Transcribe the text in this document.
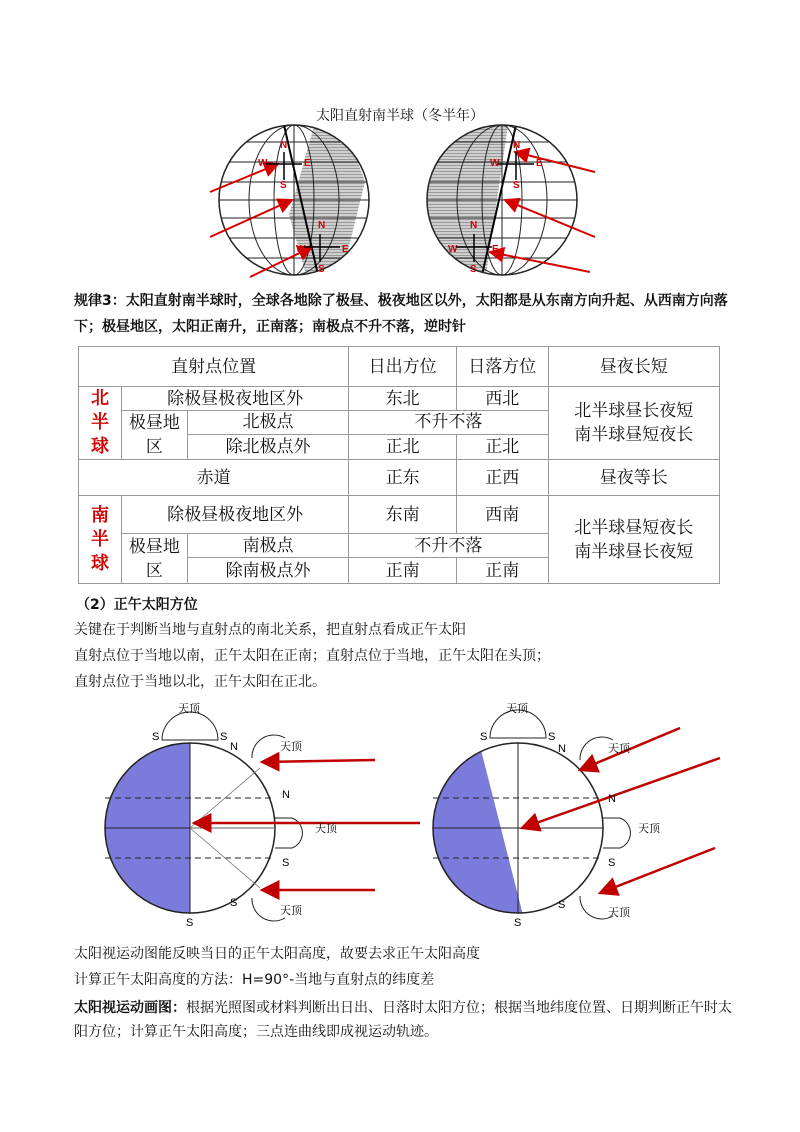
太阳直射南半球（冬半年）
N
W	E
S
N
W	E
S
N
W	E
S
N
W	E
S
规律3：太阳直射南半球时，全球各地除了极昼、极夜地区以外，太阳都是从东南方向升起、从西南方向落下；极昼地区，太阳正南升，正南落；南极点不升不落，逆时针
直射点位置			日出方位	日落方位	昼夜长短

北半球	除极昼极夜地区外		东北	西北	北半球昼长夜短
南半球昼短夜长

	极昼地区	北极点	不升不落		
		除北极点外	正北	正北	
赤道			正东	正西	昼夜等长

南半球	除极昼极夜地区外		东南	西南	北半球昼短夜长
南半球昼长夜短

	极昼地区	南极点	不升不落		
		除南极点外	正南	正南	
（2）正午太阳方位
关键在于判断当地与直射点的南北关系，把直射点看成正午太阳
直射点位于当地以南，正午太阳在正南；直射点位于当地，正午太阳在头顶；
直射点位于当地以北，正午太阳在正北。
天顶
S	S
N	天顶
N
天顶
S
S
天顶
S
天顶
S	S
N	天顶
N
天顶
S
S
天顶
S
太阳视运动图能反映当日的正午太阳高度，故要去求正午太阳高度
计算正午太阳高度的方法：H=90°-当地与直射点的纬度差
太阳视运动画图：根据光照图或材料判断出日出、日落时太阳方位；根据当地纬度位置、日期判断正午时太阳方位；计算正午太阳高度；三点连曲线即成视运动轨迹。
